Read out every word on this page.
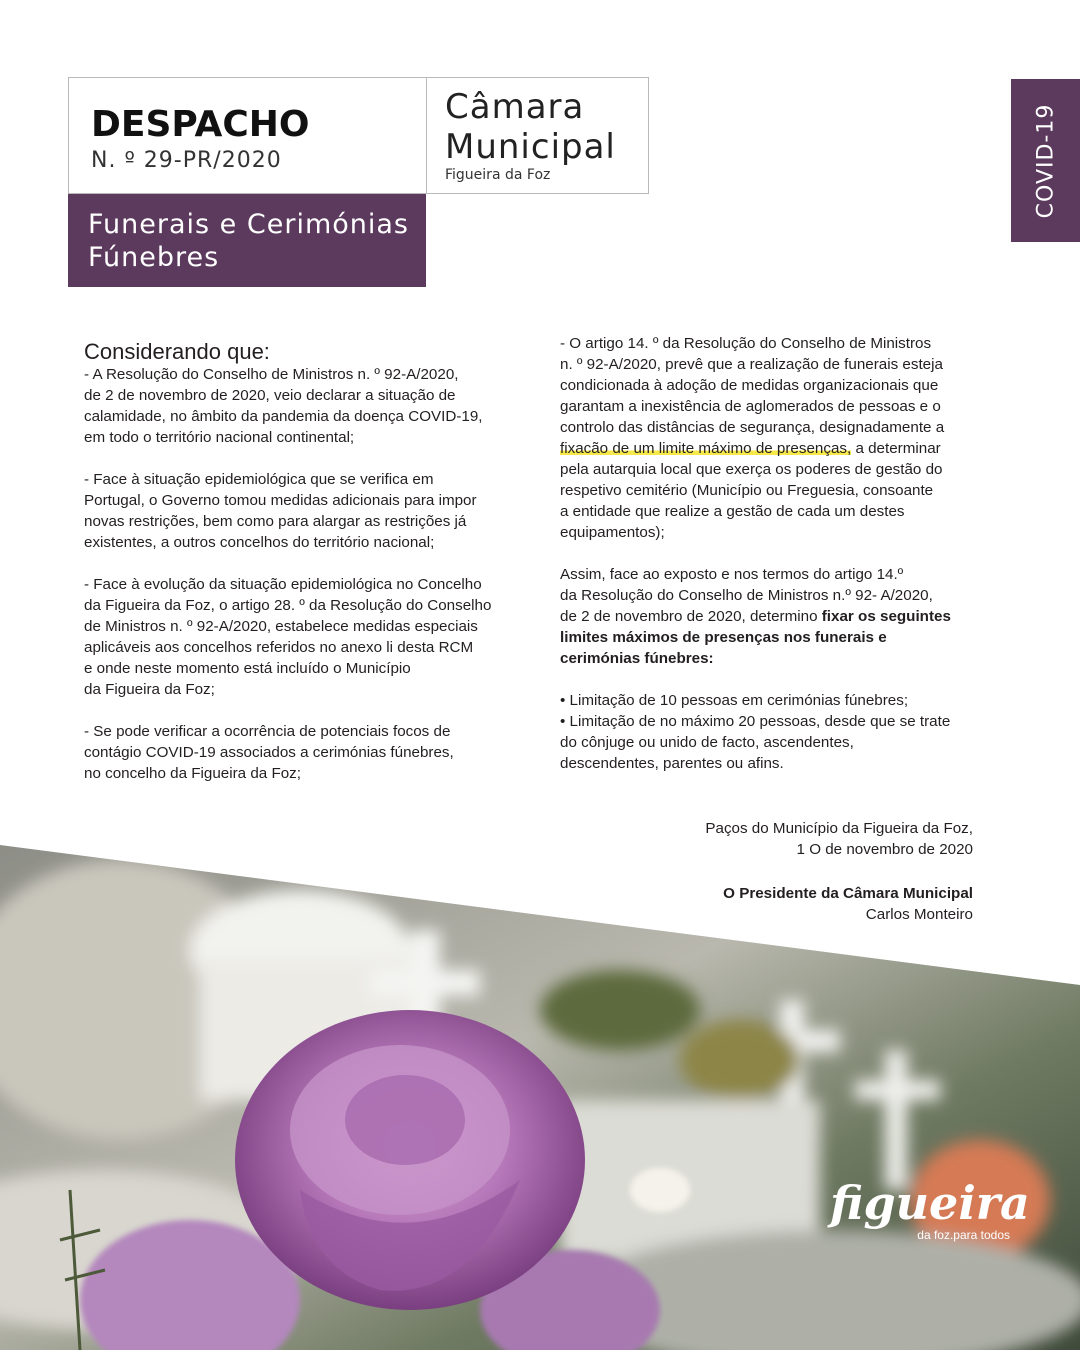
DESPACHO
N. º 29-PR/2020
Câmara
Municipal
Figueira da Foz
Funerais e Cerimónias
Fúnebres
COVID-19
Considerando que:

- A Resolução do Conselho de Ministros n. º 92-A/2020,
de 2 de novembro de 2020, veio declarar a situação de
calamidade, no âmbito da pandemia da doença COVID-19,
em todo o território nacional continental;

- Face à situação epidemiológica que se verifica em
Portugal, o Governo tomou medidas adicionais para impor
novas restrições, bem como para alargar as restrições já
existentes, a outros concelhos do território nacional;

- Face à evolução da situação epidemiológica no Concelho
da Figueira da Foz, o artigo 28. º da Resolução do Conselho
de Ministros n. º 92-A/2020, estabelece medidas especiais
aplicáveis aos concelhos referidos no anexo li desta RCM
e onde neste momento está incluído o Município
da Figueira da Foz;

- Se pode verificar a ocorrência de potenciais focos de
contágio COVID-19 associados a cerimónias fúnebres,
no concelho da Figueira da Foz;

- O artigo 14. º da Resolução do Conselho de Ministros
n. º 92-A/2020, prevê que a realização de funerais esteja
condicionada à adoção de medidas organizacionais que
garantam a inexistência de aglomerados de pessoas e o
controlo das distâncias de segurança, designadamente a
fixacão de um limite máximo de presenças, a determinar
pela autarquia local que exerça os poderes de gestão do
respetivo cemitério (Município ou Freguesia, consoante
a entidade que realize a gestão de cada um destes
equipamentos);

Assim, face ao exposto e nos termos do artigo 14.º
da Resolução do Conselho de Ministros n.º 92- A/2020,
de 2 de novembro de 2020, determino fixar os seguintes
limites máximos de presenças nos funerais e
cerimónias fúnebres:

• Limitação de 10 pessoas em cerimónias fúnebres;
• Limitação de no máximo 20 pessoas, desde que se trate
do cônjuge ou unido de facto, ascendentes,
descendentes, parentes ou afins.

Paços do Município da Figueira da Foz,
1 O de novembro de 2020
O Presidente da Câmara Municipal
Carlos Monteiro
figueira
da foz.para todos
